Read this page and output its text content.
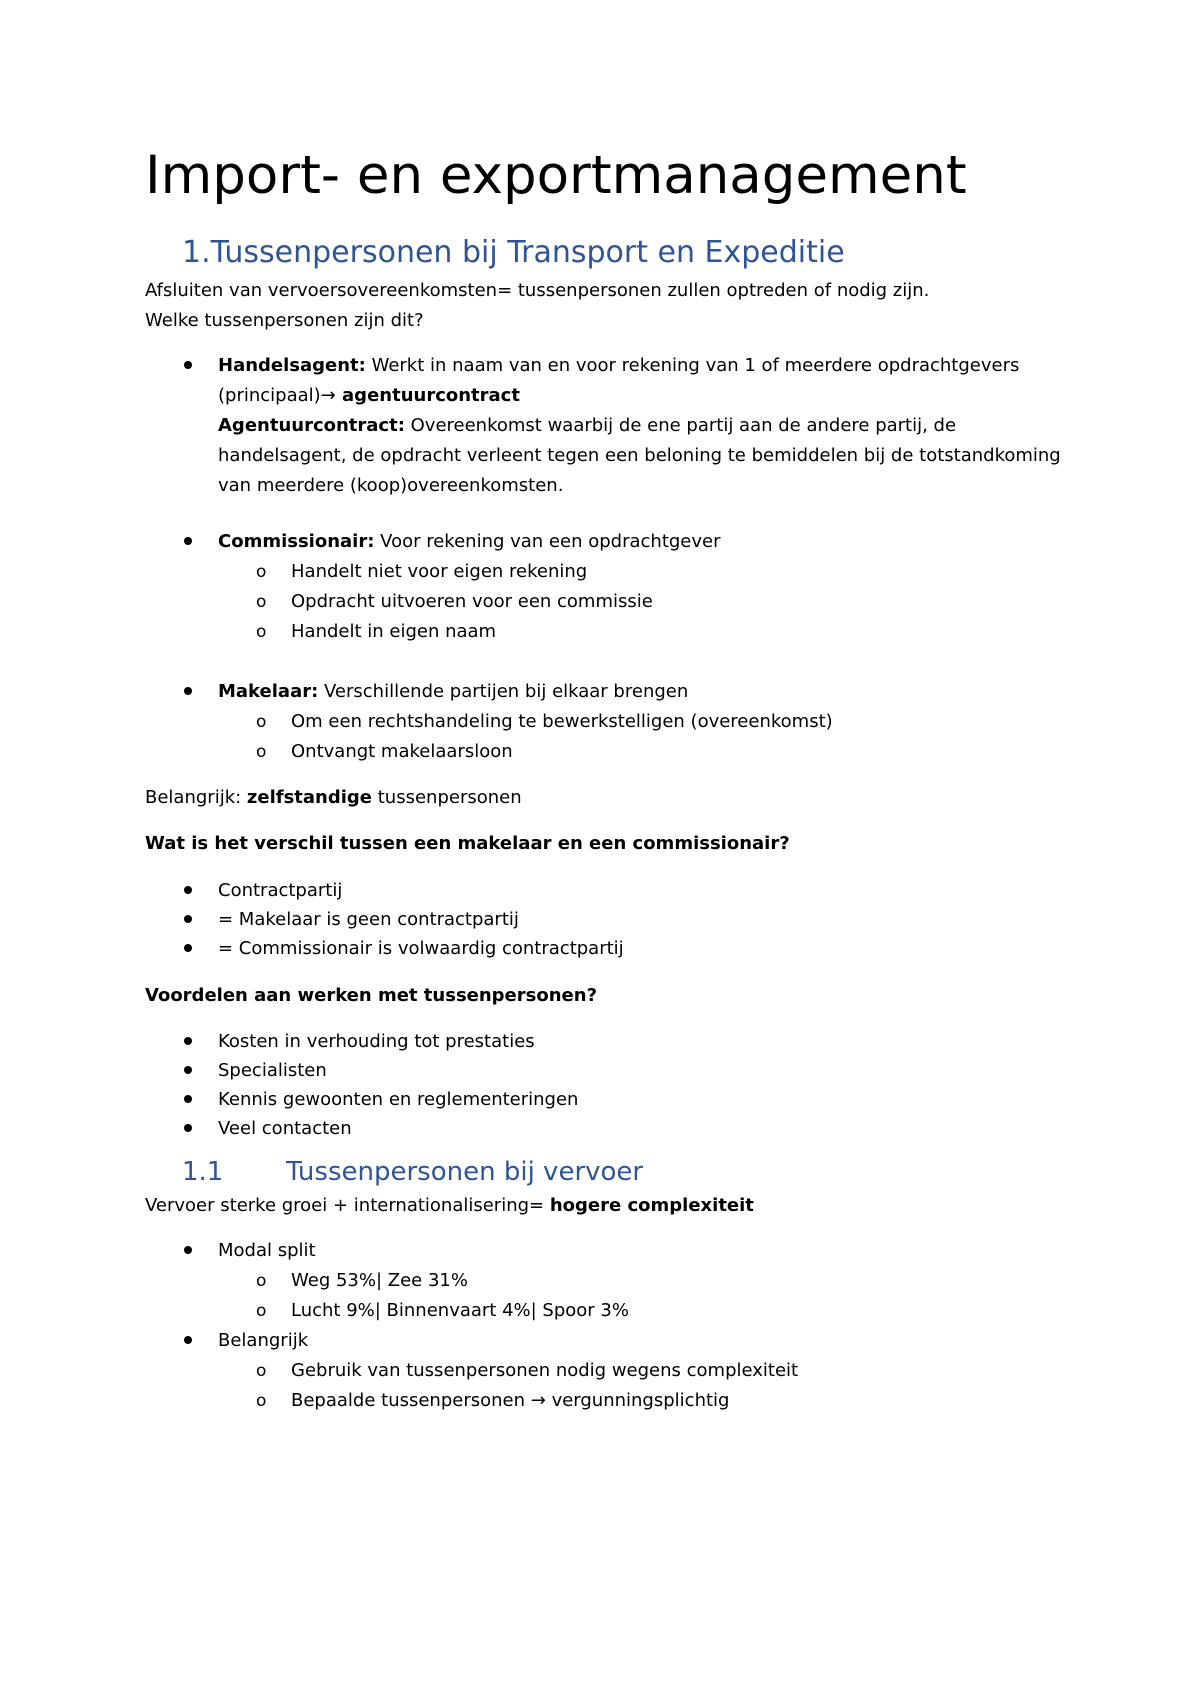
Import- en exportmanagement
1.Tussenpersonen bij Transport en Expeditie
Afsluiten van vervoersovereenkomsten= tussenpersonen zullen optreden of nodig zijn.
Welke tussenpersonen zijn dit?
Handelsagent: Werkt in naam van en voor rekening van 1 of meerdere opdrachtgevers
(principaal)→ agentuurcontract
Agentuurcontract: Overeenkomst waarbij de ene partij aan de andere partij, de
handelsagent, de opdracht verleent tegen een beloning te bemiddelen bij de totstandkoming
van meerdere (koop)overeenkomsten.
Commissionair: Voor rekening van een opdrachtgever
o Handelt niet voor eigen rekening
o Opdracht uitvoeren voor een commissie
o Handelt in eigen naam
Makelaar: Verschillende partijen bij elkaar brengen
o Om een rechtshandeling te bewerkstelligen (overeenkomst)
o Ontvangt makelaarsloon
Belangrijk: zelfstandige tussenpersonen
Wat is het verschil tussen een makelaar en een commissionair?
Contractpartij
= Makelaar is geen contractpartij
= Commissionair is volwaardig contractpartij
Voordelen aan werken met tussenpersonen?
Kosten in verhouding tot prestaties
Specialisten
Kennis gewoonten en reglementeringen
Veel contacten
1.1 Tussenpersonen bij vervoer
Vervoer sterke groei + internationalisering= hogere complexiteit
Modal split
o Weg 53%| Zee 31%
o Lucht 9%| Binnenvaart 4%| Spoor 3%
Belangrijk
o Gebruik van tussenpersonen nodig wegens complexiteit
o Bepaalde tussenpersonen → vergunningsplichtig
